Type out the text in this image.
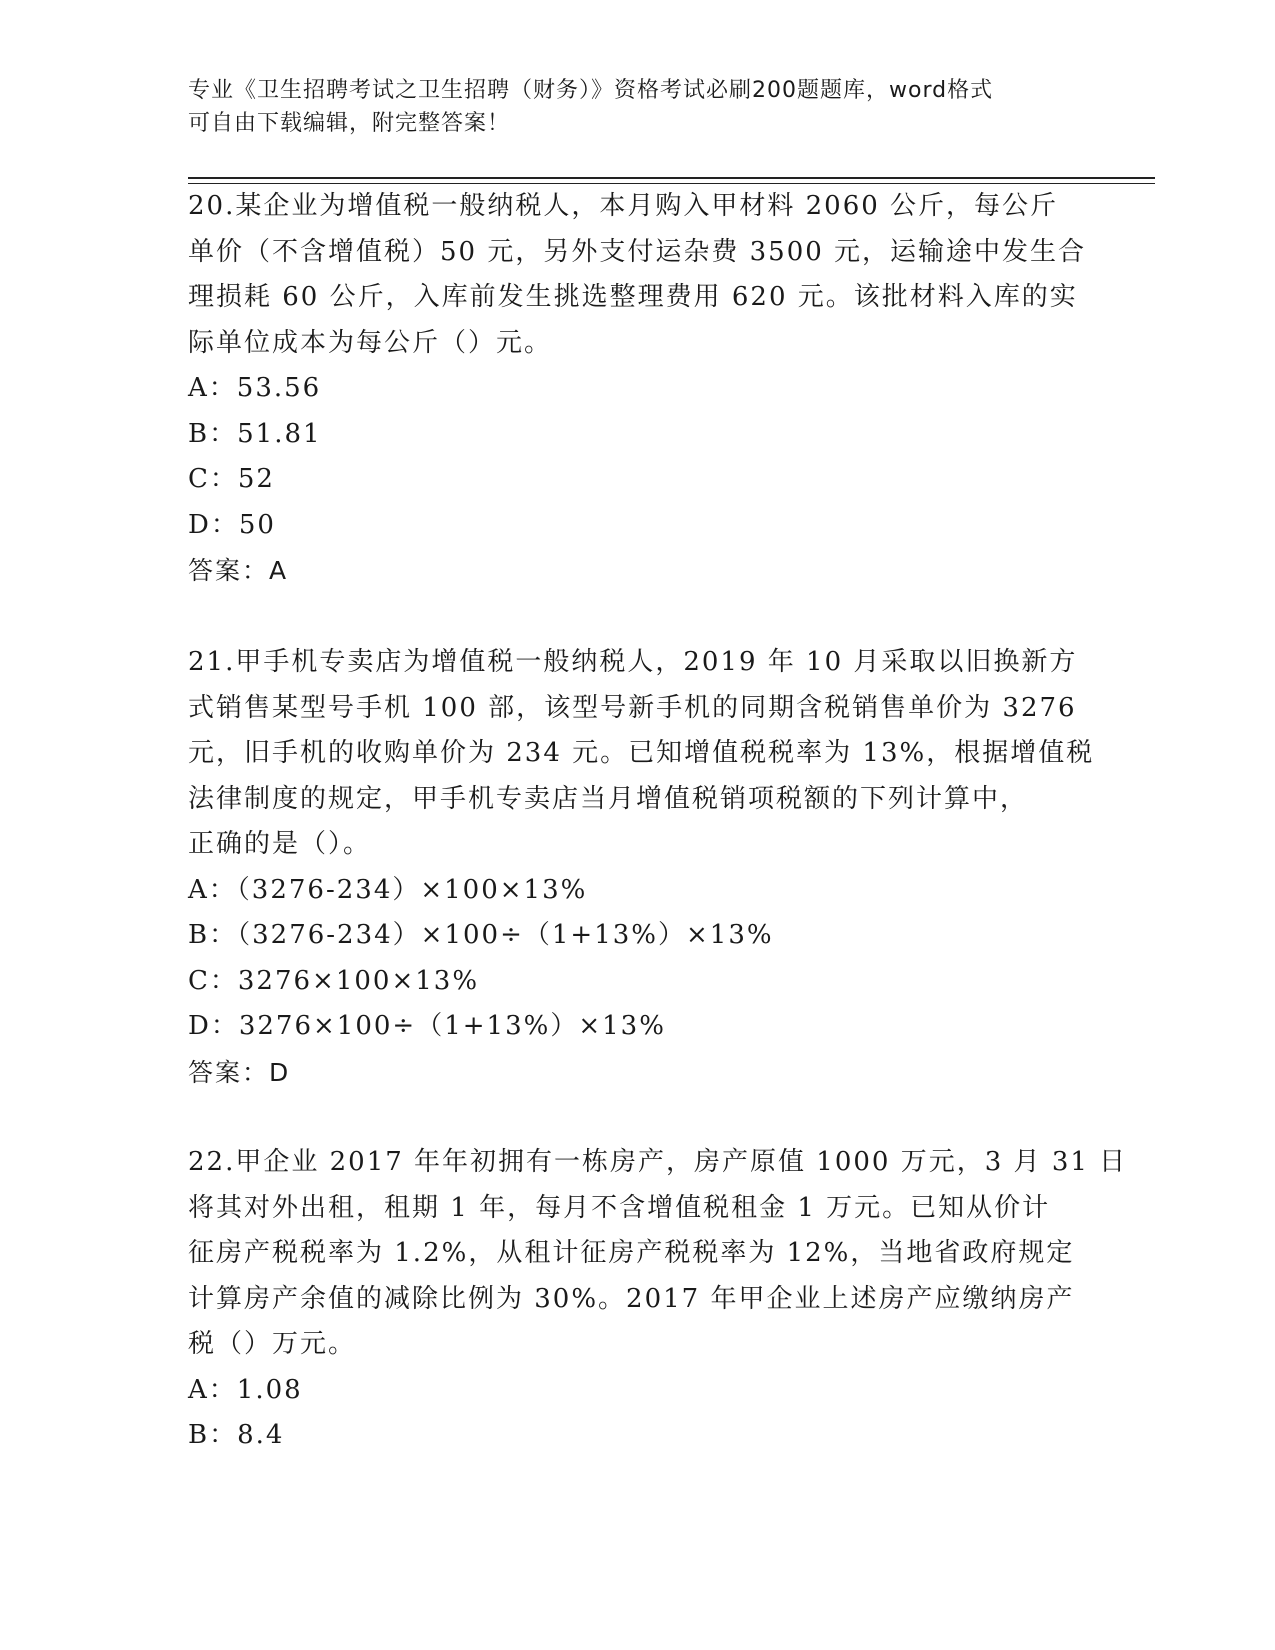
专业《卫生招聘考试之卫生招聘（财务）》资格考试必刷200题题库，word格式
可自由下载编辑，附完整答案！
20.某企业为增值税一般纳税人，本月购入甲材料 2060 公斤，每公斤
单价（不含增值税）50 元，另外支付运杂费 3500 元，运输途中发生合
理损耗 60 公斤，入库前发生挑选整理费用 620 元。该批材料入库的实
际单位成本为每公斤（）元。
A：53.56
B：51.81
C：52
D：50
答案：A
21.甲手机专卖店为增值税一般纳税人，2019 年 10 月采取以旧换新方
式销售某型号手机 100 部，该型号新手机的同期含税销售单价为 3276
元，旧手机的收购单价为 234 元。已知增值税税率为 13%，根据增值税
法律制度的规定，甲手机专卖店当月增值税销项税额的下列计算中，
正确的是（）。
A：（3276-234）×100×13%
B：（3276-234）×100÷（1+13%）×13%
C：3276×100×13%
D：3276×100÷（1+13%）×13%
答案：D
22.甲企业 2017 年年初拥有一栋房产，房产原值 1000 万元，3 月 31 日
将其对外出租，租期 1 年，每月不含增值税租金 1 万元。已知从价计
征房产税税率为 1.2%，从租计征房产税税率为 12%，当地省政府规定
计算房产余值的减除比例为 30%。2017 年甲企业上述房产应缴纳房产
税（）万元。
A：1.08
B：8.4
